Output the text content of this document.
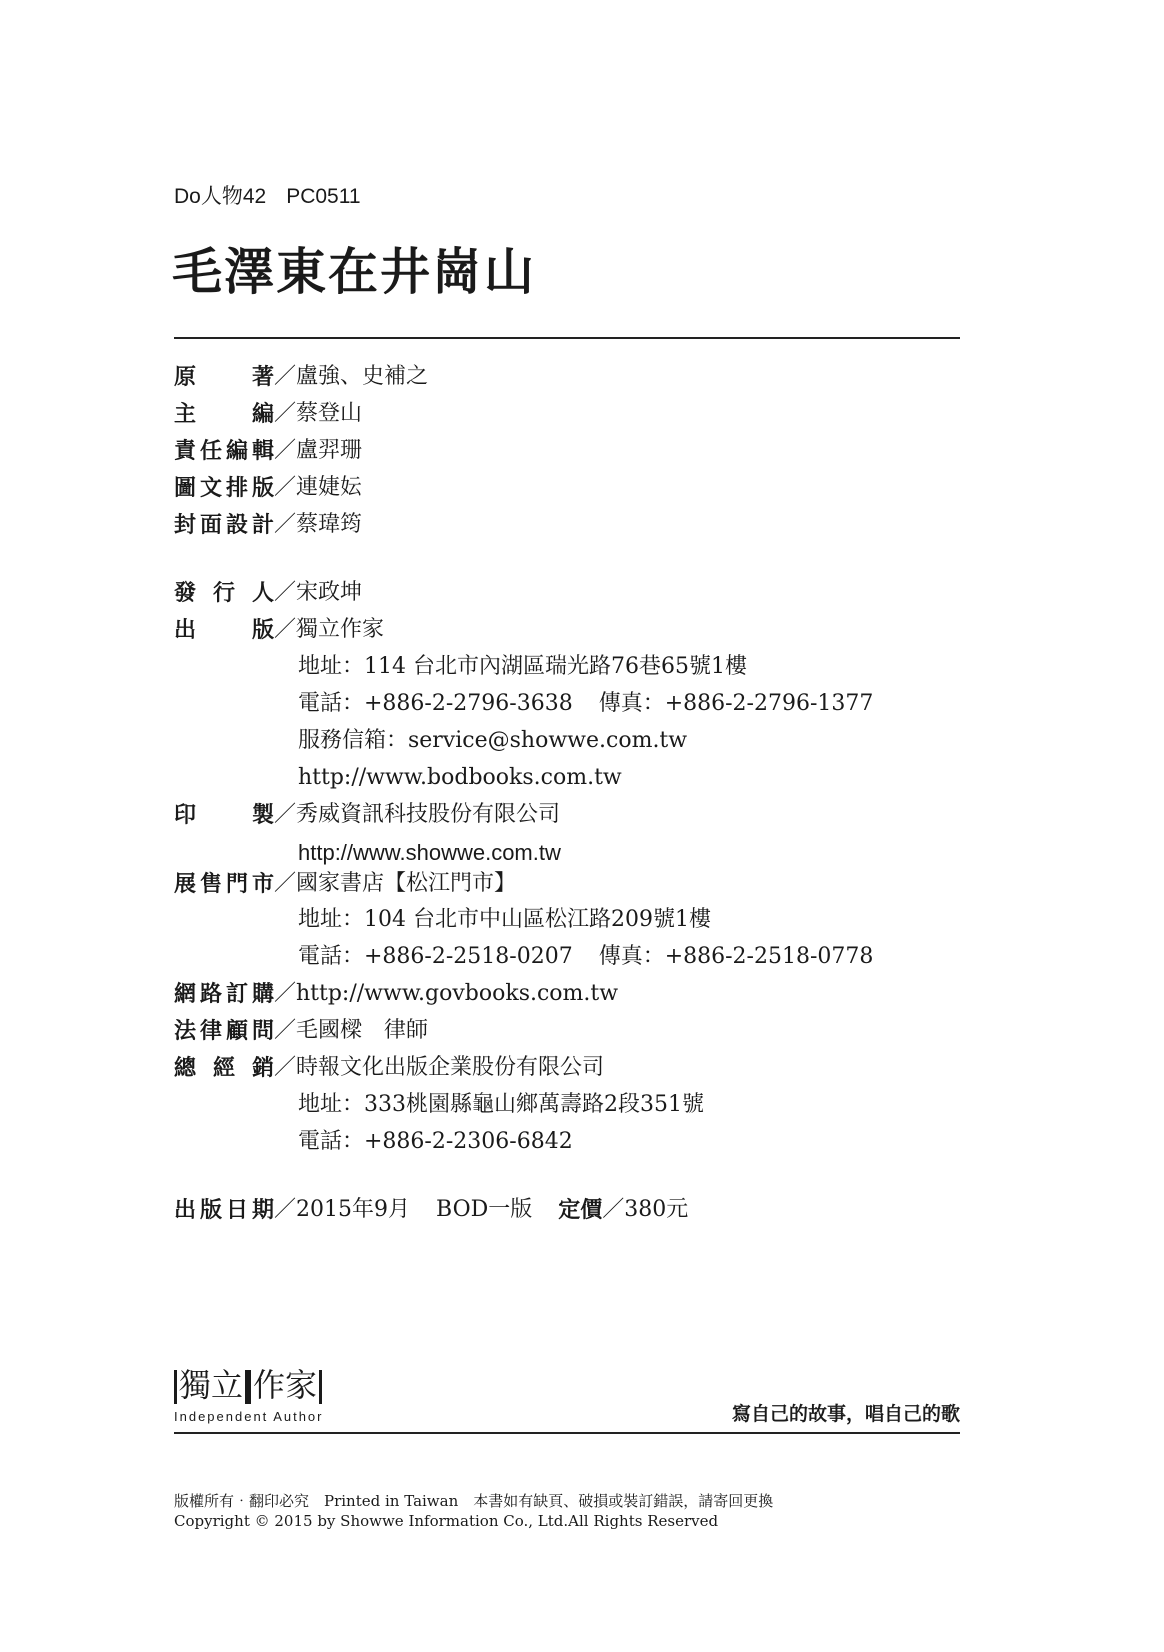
Do人物42 PC0511
毛澤東在井崗山
原著／盧強、史補之
主編／蔡登山
責任編輯／盧羿珊
圖文排版／連婕妘
封面設計／蔡瑋筠
發行人／宋政坤
出版／獨立作家
地址：114 台北市內湖區瑞光路76巷65號1樓
電話：+886-2-2796-3638 傳真：+886-2-2796-1377
服務信箱：service@showwe.com.tw
http://www.bodbooks.com.tw
印製／秀威資訊科技股份有限公司
http://www.showwe.com.tw
展售門市／國家書店【松江門市】
地址：104 台北市中山區松江路209號1樓
電話：+886-2-2518-0207 傳真：+886-2-2518-0778
網路訂購／http://www.govbooks.com.tw
法律顧問／毛國樑　律師
總經銷／時報文化出版企業股份有限公司
地址：333桃園縣龜山鄉萬壽路2段351號
電話：+886-2-2306-6842
出版日期／2015年9月 BOD一版 定價／380元
獨立 作家
Independent Author	寫自己的故事，唱自己的歌
版權所有‧翻印必究　Printed in Taiwan　本書如有缺頁、破損或裝訂錯誤，請寄回更換
Copyright © 2015 by Showwe Information Co., Ltd.All Rights Reserved
